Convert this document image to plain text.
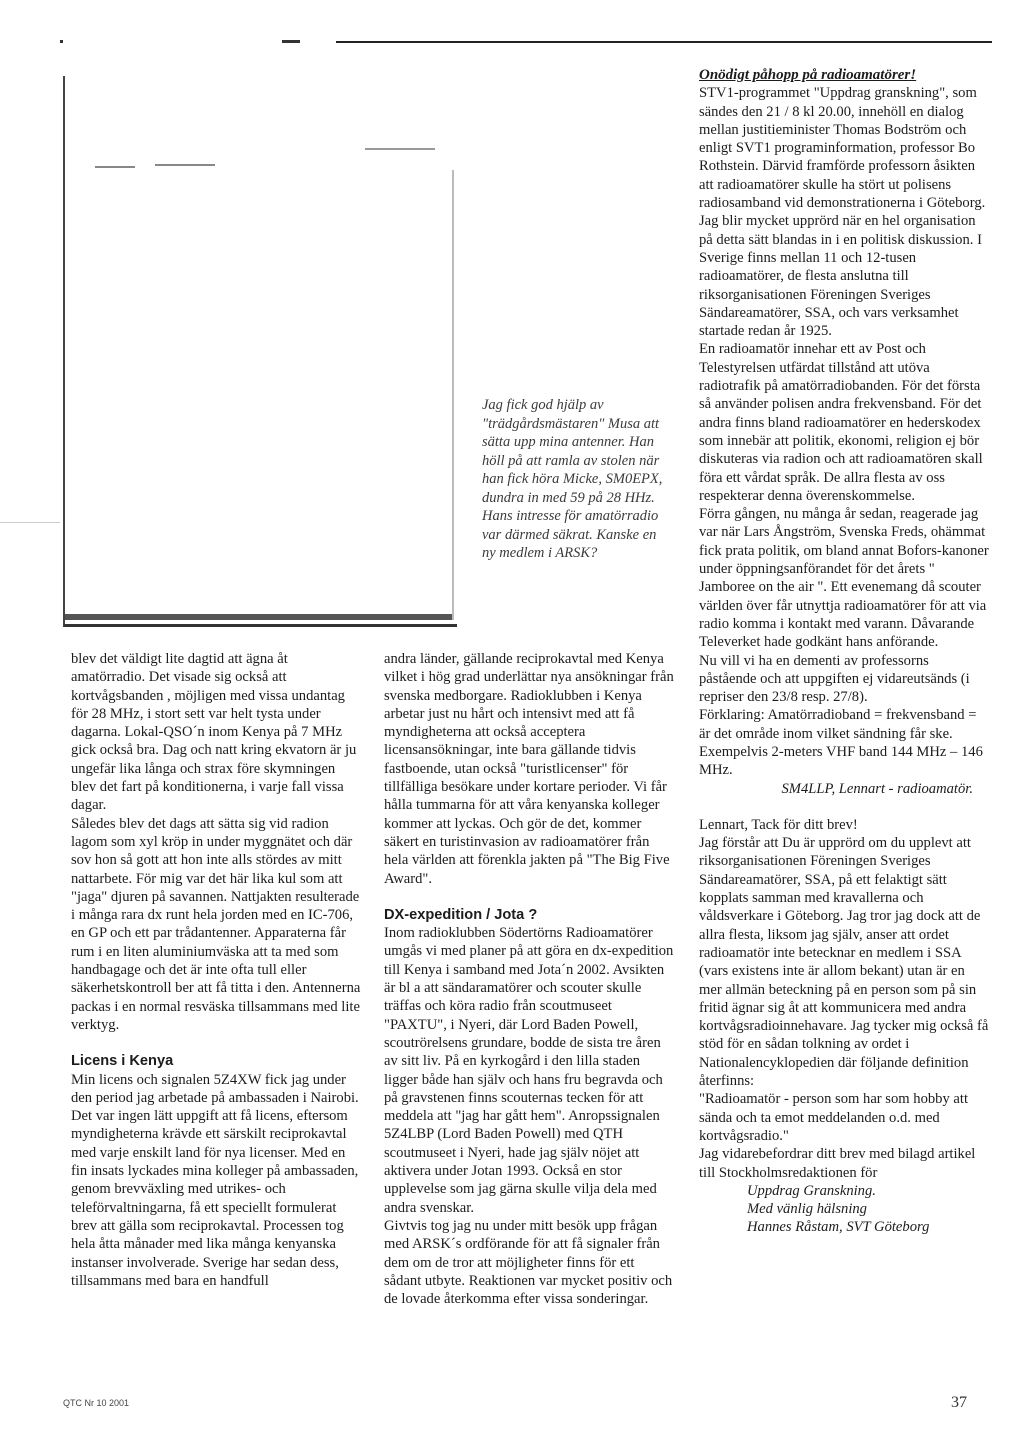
Jag fick god hjälp av "trädgårdsmästaren" Musa att sätta upp mina antenner. Han höll på att ramla av stolen när han fick höra Micke, SM0EPX, dundra in med 59 på 28 HHz. Hans intresse för amatörradio var därmed säkrat. Kanske en ny medlem i ARSK?

blev det väldigt lite dagtid att ägna åt amatörradio. Det visade sig också att kortvågsbanden , möjligen med vissa undantag för 28 MHz, i stort sett var helt tysta under dagarna. Lokal-QSO´n inom Kenya på 7 MHz gick också bra. Dag och natt kring ekvatorn är ju ungefär lika långa och strax före skymningen blev det fart på konditionerna, i varje fall vissa dagar.

Således blev det dags att sätta sig vid radion lagom som xyl kröp in under myggnätet och där sov hon så gott att hon inte alls stördes av mitt nattarbete. För mig var det här lika kul som att "jaga" djuren på savannen. Nattjakten resulterade i många rara dx runt hela jorden med en IC-706, en GP och ett par trådantenner. Apparaterna får rum i en liten aluminiumväska att ta med som handbagage och det är inte ofta tull eller säkerhetskontroll ber att få titta i den. Antennerna packas i en normal resväska tillsammans med lite verktyg.

Licens i Kenya

Min licens och signalen 5Z4XW fick jag under den period jag arbetade på ambassaden i Nairobi. Det var ingen lätt uppgift att få licens, eftersom myndigheterna krävde ett särskilt reciprokavtal med varje enskilt land för nya licenser. Med en fin insats lyckades mina kolleger på ambassaden, genom brevväxling med utrikes- och teleförvaltningarna, få ett speciellt formulerat brev att gälla som reciprokavtal. Processen tog hela åtta månader med lika många kenyanska instanser involverade. Sverige har sedan dess, tillsammans med bara en handfull

andra länder, gällande reciprokavtal med Kenya vilket i hög grad underlättar nya ansökningar från svenska medborgare. Radioklubben i Kenya arbetar just nu hårt och intensivt med att få myndigheterna att också acceptera licensansökningar, inte bara gällande tidvis fastboende, utan också "turistlicenser" för tillfälliga besökare under kortare perioder. Vi får hålla tummarna för att våra kenyanska kolleger kommer att lyckas. Och gör de det, kommer säkert en turistinvasion av radioamatörer från hela världen att förenkla jakten på "The Big Five Award".

DX-expedition / Jota ?

Inom radioklubben Södertörns Radioamatörer umgås vi med planer på att göra en dx-expedition till Kenya i samband med Jota´n 2002. Avsikten är bl a att sändaramatörer och scouter skulle träffas och köra radio från scoutmuseet "PAXTU", i Nyeri, där Lord Baden Powell, scoutrörelsens grundare, bodde de sista tre åren av sitt liv. På en kyrkogård i den lilla staden ligger både han själv och hans fru begravda och på gravstenen finns scouternas tecken för att meddela att "jag har gått hem". Anropssignalen 5Z4LBP (Lord Baden Powell) med QTH scoutmuseet i Nyeri, hade jag själv nöjet att aktivera under Jotan 1993. Också en stor upplevelse som jag gärna skulle vilja dela med andra svenskar.

Givtvis tog jag nu under mitt besök upp frågan med ARSK´s ordförande för att få signaler från dem om de tror att möjligheter finns för ett sådant utbyte. Reaktionen var mycket positiv och de lovade återkomma efter vissa sonderingar.

Onödigt påhopp på radioamatörer!

STV1-programmet "Uppdrag granskning", som sändes den 21 / 8 kl 20.00, innehöll en dialog mellan justitieminister Thomas Bodström och enligt SVT1 programinformation, professor Bo Rothstein. Därvid framförde professorn åsikten att radioamatörer skulle ha stört ut polisens radiosamband vid demonstrationerna i Göteborg.

Jag blir mycket upprörd när en hel organisation på detta sätt blandas in i en politisk diskussion. I Sverige finns mellan 11 och 12-tusen radioamatörer, de flesta anslutna till riksorganisationen Föreningen Sveriges Sändareamatörer, SSA, och vars verksamhet startade redan år 1925.

En radioamatör innehar ett av Post och Telestyrelsen utfärdat tillstånd att utöva radiotrafik på amatörradiobanden. För det första så använder polisen andra frekvensband. För det andra finns bland radioamatörer en hederskodex som innebär att politik, ekonomi, religion ej bör diskuteras via radion och att radioamatören skall föra ett vårdat språk. De allra flesta av oss respekterar denna överenskommelse.

Förra gången, nu många år sedan, reagerade jag var när Lars Ångström, Svenska Freds, ohämmat fick prata politik, om bland annat Bofors-kanoner under öppningsanförandet för det årets " Jamboree on the air ". Ett evenemang då scouter världen över får utnyttja radioamatörer för att via radio komma i kontakt med varann. Dåvarande Televerket hade godkänt hans anförande.

Nu vill vi ha en dementi av professorns påstående och att uppgiften ej vidareutsänds (i repriser den 23/8 resp. 27/8).

Förklaring: Amatörradioband = frekvensband = är det område inom vilket sändning får ske. Exempelvis 2-meters VHF band 144 MHz – 146 MHz.

SM4LLP, Lennart - radioamatör.

Lennart, Tack för ditt brev!

Jag förstår att Du är upprörd om du upplevt att riksorganisationen Föreningen Sveriges Sändareamatörer, SSA, på ett felaktigt sätt kopplats samman med kravallerna och våldsverkare i Göteborg. Jag tror jag dock att de allra flesta, liksom jag själv, anser att ordet radioamatör inte betecknar en medlem i SSA (vars existens inte är allom bekant) utan är en mer allmän beteckning på en person som på sin fritid ägnar sig åt att kommunicera med andra kortvågsradioinnehavare. Jag tycker mig också få stöd för en sådan tolkning av ordet i Nationalencyklopedien där följande definition återfinns:

"Radioamatör - person som har som hobby att sända och ta emot meddelanden o.d. med kortvågsradio."

Jag vidarebefordrar ditt brev med bilagd artikel till Stockholmsredaktionen för

Uppdrag Granskning.

Med vänlig hälsning

Hannes Råstam, SVT Göteborg

QTC Nr 10 2001	37
